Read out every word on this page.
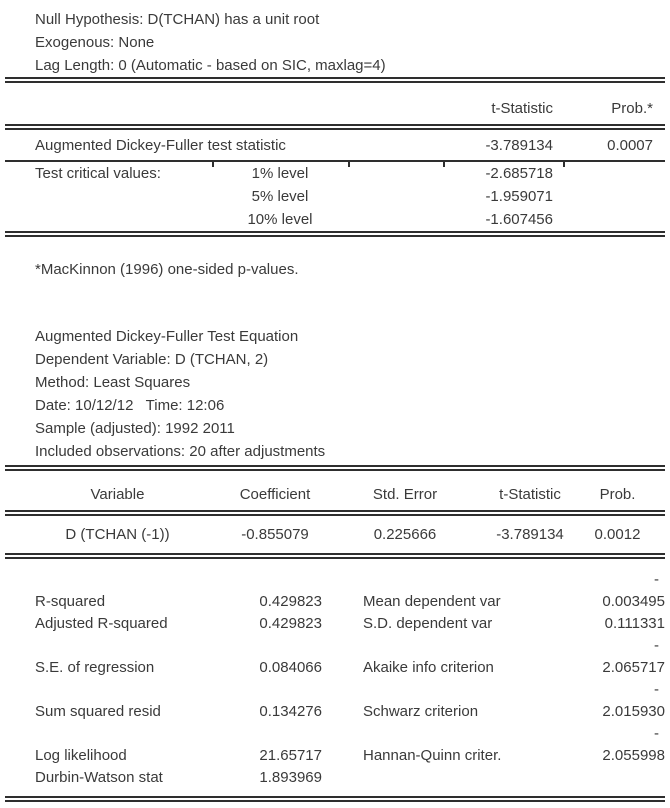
Null Hypothesis: D(TCHAN) has a unit root
Exogenous: None
Lag Length: 0 (Automatic - based on SIC, maxlag=4)
t-Statistic	Prob.*
Augmented Dickey-Fuller test statistic	-3.789134	0.0007
Test critical values:	1% level	-2.685718
5% level	-1.959071
10% level	-1.607456
*MacKinnon (1996) one-sided p-values.
Augmented Dickey-Fuller Test Equation
Dependent Variable: D (TCHAN, 2)
Method: Least Squares
Date: 10/12/12   Time: 12:06
Sample (adjusted): 1992 2011
Included observations: 20 after adjustments
Variable	Coefficient	Std. Error	t-Statistic	Prob.
D (TCHAN (-1))	-0.855079	0.225666	-3.789134	0.0012
-
R-squared	0.429823	Mean dependent var	0.003495
Adjusted R-squared	0.429823	S.D. dependent var	0.111331
-
S.E. of regression	0.084066	Akaike info criterion	2.065717
-
Sum squared resid	0.134276	Schwarz criterion	2.015930
-
Log likelihood	21.65717	Hannan-Quinn criter.	2.055998
Durbin-Watson stat	1.893969
